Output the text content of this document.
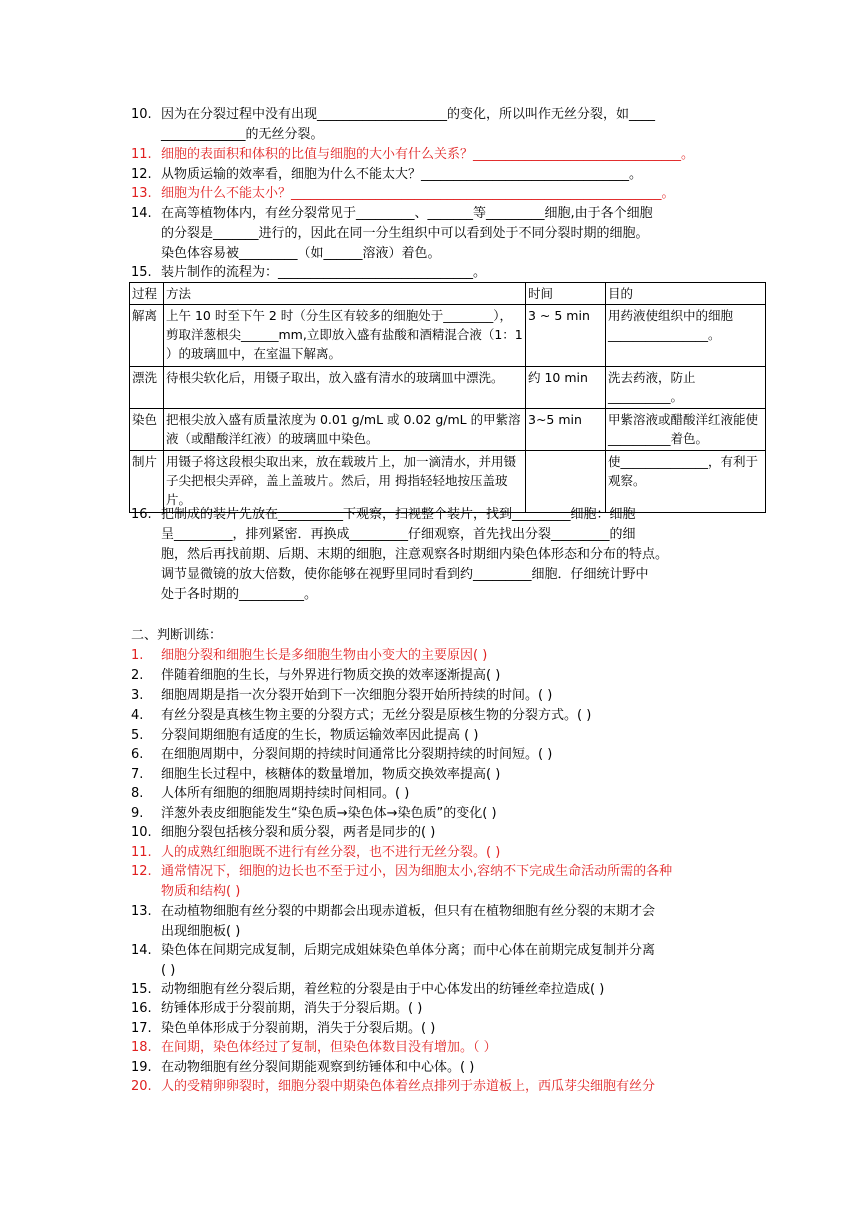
10. 因为在分裂过程中没有出现____________________的变化，所以叫作无丝分裂，如____
_____________的无丝分裂。
11. 细胞的表面积和体积的比值与细胞的大小有什么关系？________________________________。
12. 从物质运输的效率看，细胞为什么不能太大？________________________________。
13. 细胞为什么不能太小？_________________________________________________________。
14. 在高等植物体内，有丝分裂常见于_________、_______等_________细胞,由于各个细胞
的分裂是_______进行的，因此在同一分生组织中可以看到处于不同分裂时期的细胞。
染色体容易被_________（如______溶液）着色。
15. 装片制作的流程为：______________________________。
过程	方法	时间	目的
解离	上午 10 时至下午 2 时（分生区有较多的细胞处于________），剪取洋葱根尖______mm,立即放入盛有盐酸和酒精混合液（1：1 ）的玻璃皿中，在室温下解离。	3 ~ 5 min	用药液使组织中的细胞________________。
漂洗	待根尖软化后，用镊子取出，放入盛有清水的玻璃皿中漂洗。	约 10 min	洗去药液，防止__________。
染色	把根尖放入盛有质量浓度为 0.01 g/mL 或 0.02 g/mL 的甲紫溶液（或醋酸洋红液）的玻璃皿中染色。	3~5 min	甲紫溶液或醋酸洋红液能使__________着色。
制片	用镊子将这段根尖取出来，放在载玻片上，加一滴清水，并用镊子尖把根尖弄碎，盖上盖玻片。然后，用 拇指轻轻地按压盖玻片。		使______________，有利于观察。
16. 把制成的装片先放在__________下观察，扫视整个装片，找到_________细胞：细胞
呈_________，排列紧密．再换成_________仔细观察，首先找出分裂_________的细
胞，然后再找前期、后期、末期的细胞，注意观察各时期细内染色体形态和分布的特点。
调节显微镜的放大倍数，使你能够在视野里同时看到约_________细胞．仔细统计野中
处于各时期的__________。
二、判断训练：
1.	细胞分裂和细胞生长是多细胞生物由小变大的主要原因( )
2.	伴随着细胞的生长，与外界进行物质交换的效率逐渐提高( )
3.	细胞周期是指一次分裂开始到下一次细胞分裂开始所持续的时间。( )
4.	有丝分裂是真核生物主要的分裂方式；无丝分裂是原核生物的分裂方式。( )
5.	分裂间期细胞有适度的生长，物质运输效率因此提高 ( )
6.	在细胞周期中，分裂间期的持续时间通常比分裂期持续的时间短。( )
7.	细胞生长过程中，核糖体的数量增加，物质交换效率提高( )
8.	人体所有细胞的细胞周期持续时间相同。( )
9.	洋葱外表皮细胞能发生“染色质→染色体→染色质”的变化( )
10. 细胞分裂包括核分裂和质分裂，两者是同步的( )
11. 人的成熟红细胞既不进行有丝分裂，也不进行无丝分裂。( )
12. 通常情况下，细胞的边长也不至于过小，因为细胞太小,容纳不下完成生命活动所需的各种
物质和结构( )
13. 在动植物细胞有丝分裂的中期都会出现赤道板，但只有在植物细胞有丝分裂的末期才会
出现细胞板( )
14. 染色体在间期完成复制，后期完成姐妹染色单体分离；而中心体在前期完成复制并分离
( )
15. 动物细胞有丝分裂后期，着丝粒的分裂是由于中心体发出的纺锤丝牵拉造成( )
16. 纺锤体形成于分裂前期，消失于分裂后期。( )
17. 染色单体形成于分裂前期，消失于分裂后期。( )
18. 在间期，染色体经过了复制，但染色体数目没有增加。（ ）
19. 在动物细胞有丝分裂间期能观察到纺锤体和中心体。( )
20. 人的受精卵卵裂时，细胞分裂中期染色体着丝点排列于赤道板上，西瓜芽尖细胞有丝分
